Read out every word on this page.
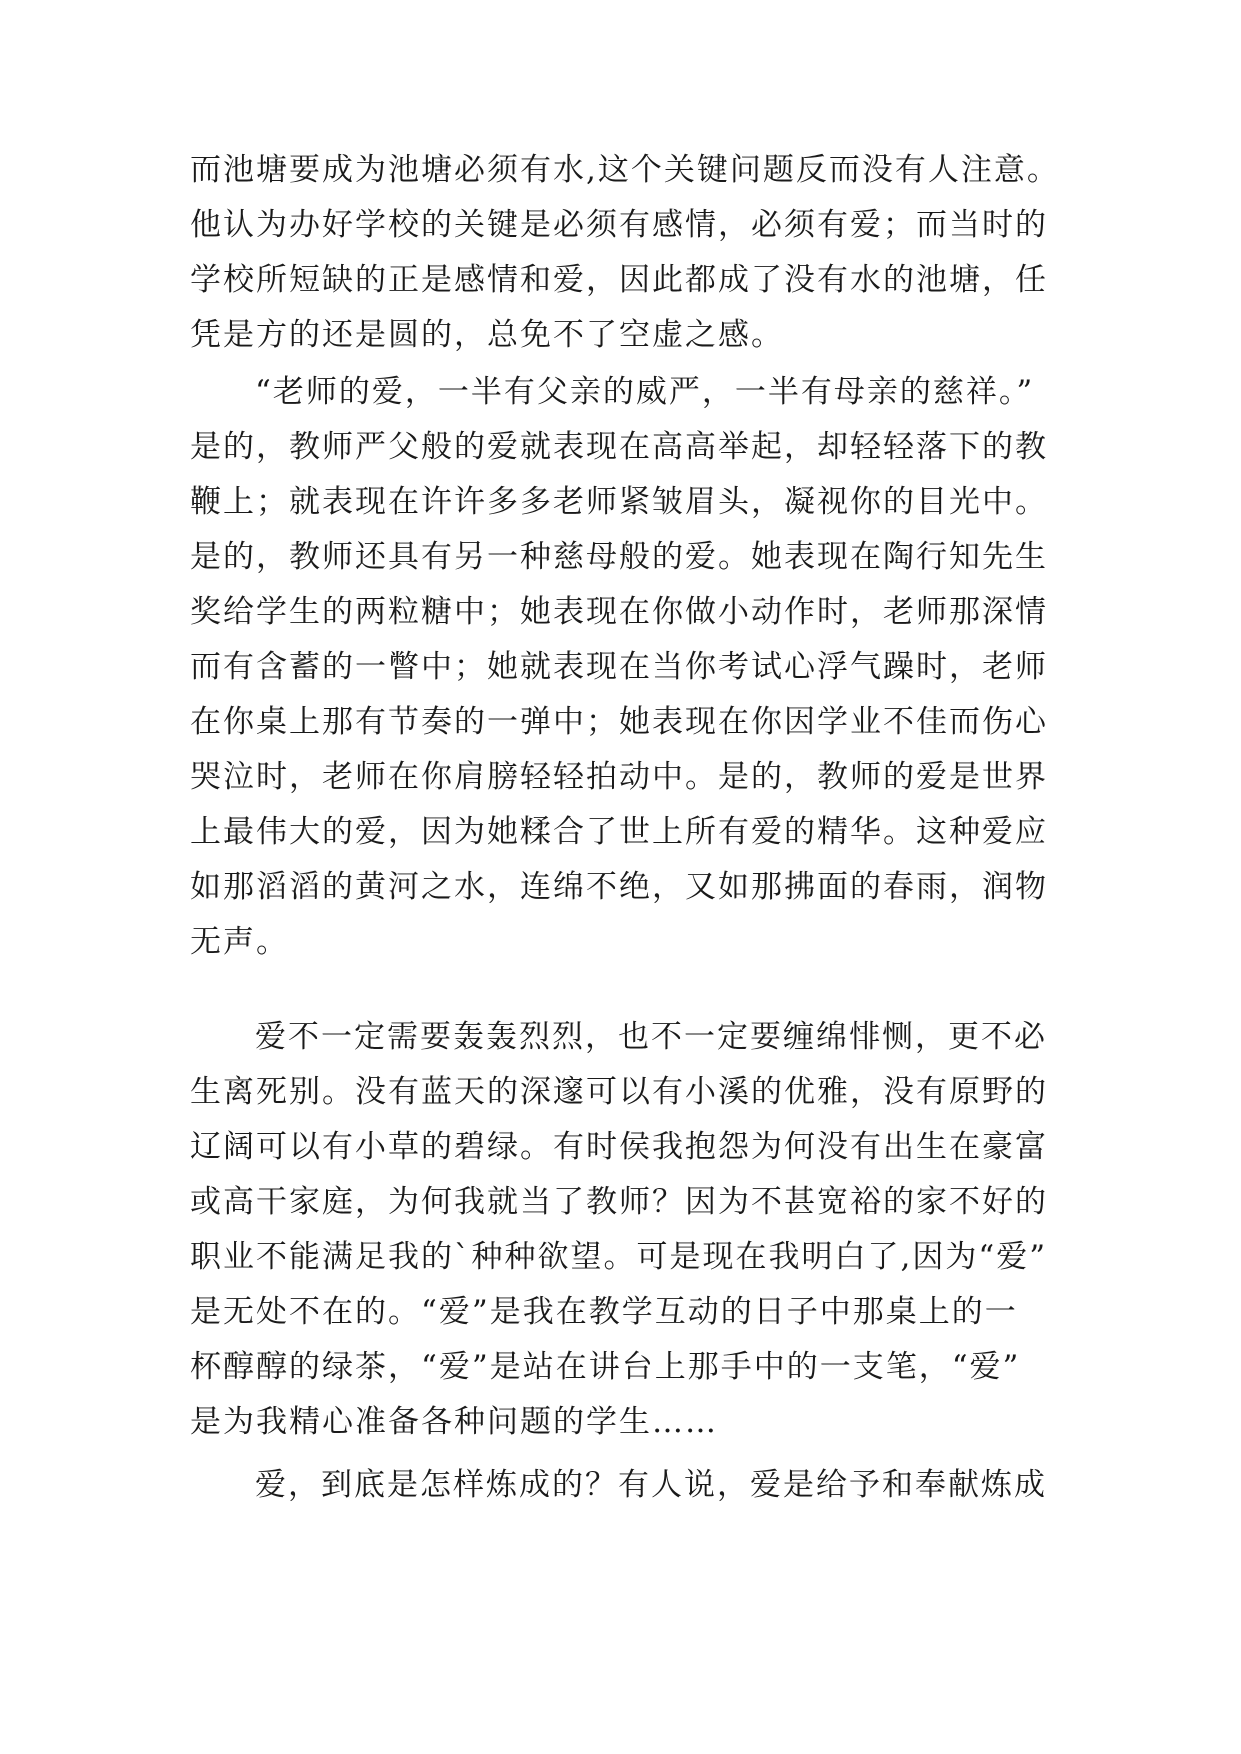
而池塘要成为池塘必须有水,这个关键问题反而没有人注意。
他认为办好学校的关键是必须有感情，必须有爱；而当时的
学校所短缺的正是感情和爱，因此都成了没有水的池塘，任
凭是方的还是圆的，总免不了空虚之感。
“老师的爱，一半有父亲的威严，一半有母亲的慈祥。”
是的，教师严父般的爱就表现在高高举起，却轻轻落下的教
鞭上；就表现在许许多多老师紧皱眉头，凝视你的目光中。
是的，教师还具有另一种慈母般的爱。她表现在陶行知先生
奖给学生的两粒糖中；她表现在你做小动作时，老师那深情
而有含蓄的一瞥中；她就表现在当你考试心浮气躁时，老师
在你桌上那有节奏的一弹中；她表现在你因学业不佳而伤心
哭泣时，老师在你肩膀轻轻拍动中。是的，教师的爱是世界
上最伟大的爱，因为她糅合了世上所有爱的精华。这种爱应
如那滔滔的黄河之水，连绵不绝，又如那拂面的春雨，润物
无声。
爱不一定需要轰轰烈烈，也不一定要缠绵悱恻，更不必
生离死别。没有蓝天的深邃可以有小溪的优雅，没有原野的
辽阔可以有小草的碧绿。有时侯我抱怨为何没有出生在豪富
或高干家庭，为何我就当了教师？因为不甚宽裕的家不好的
职业不能满足我的`种种欲望。可是现在我明白了,因为“爱”
是无处不在的。“爱”是我在教学互动的日子中那桌上的一
杯醇醇的绿茶，“爱”是站在讲台上那手中的一支笔，“爱”
是为我精心准备各种问题的学生……
爱，到底是怎样炼成的？有人说，爱是给予和奉献炼成
